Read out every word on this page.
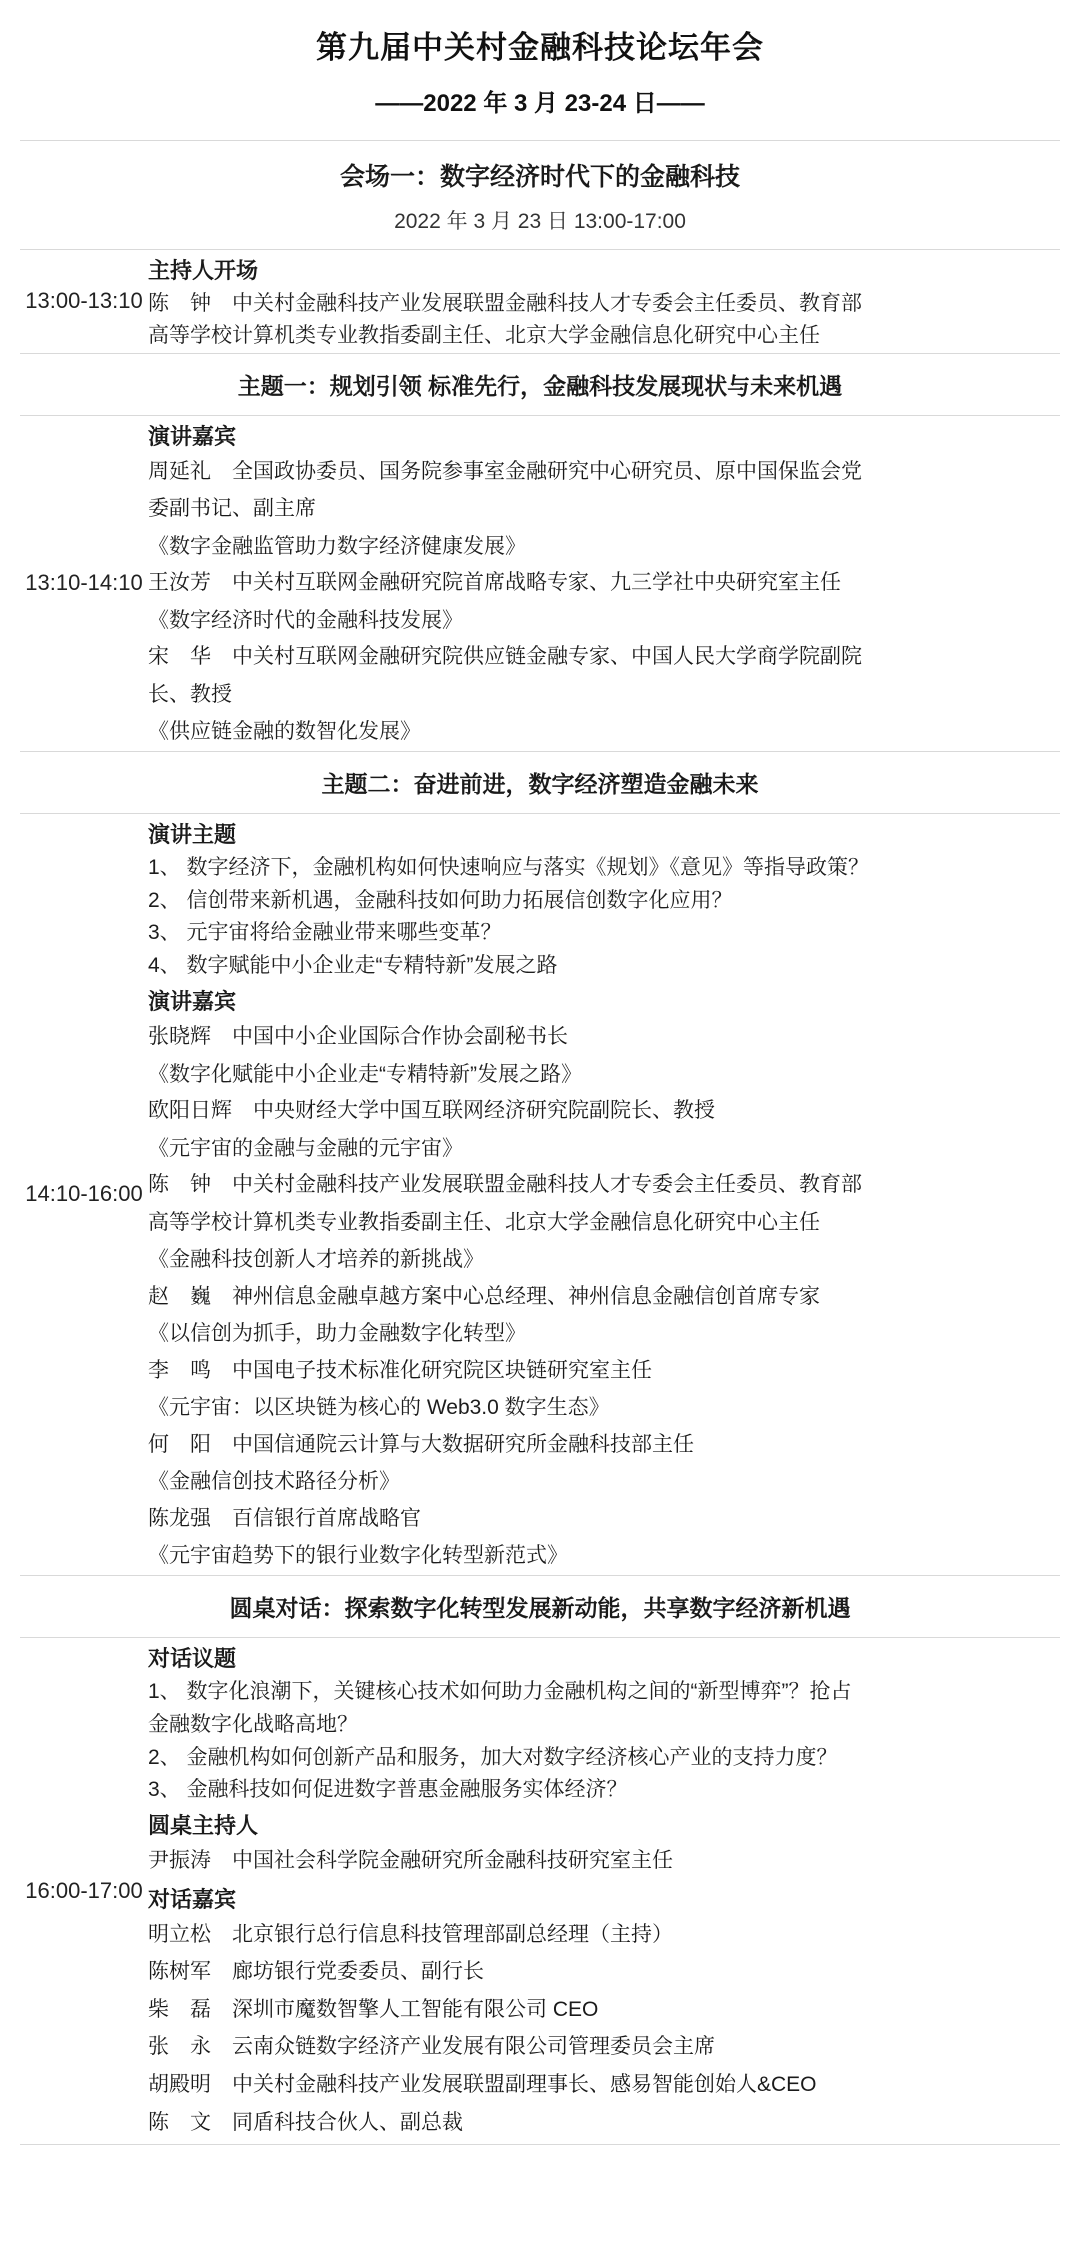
第九届中关村金融科技论坛年会
——2022 年 3 月 23-24 日——	

会场一：数字经济时代下的金融科技
2022 年 3 月 23 日 13:00-17:00	

13:00-13:10	主持人开场
陈　钟　中关村金融科技产业发展联盟金融科技人才专委会主任委员、教育部
高等学校计算机类专业教指委副主任、北京大学金融信息化研究中心主任

主题一：规划引领 标准先行，金融科技发展现状与未来机遇	

13:10-14:10	
演讲嘉宾
周延礼　全国政协委员、国务院参事室金融研究中心研究员、原中国保监会党
委副书记、副主席
《数字金融监管助力数字经济健康发展》
王汝芳　中关村互联网金融研究院首席战略专家、九三学社中央研究室主任
《数字经济时代的金融科技发展》
宋　华　中关村互联网金融研究院供应链金融专家、中国人民大学商学院副院
长、教授
《供应链金融的数智化发展》

主题二：奋进前进，数字经济塑造金融未来	

14:10-16:00	
演讲主题
1、 数字经济下，金融机构如何快速响应与落实《规划》《意见》等指导政策？
2、 信创带来新机遇，金融科技如何助力拓展信创数字化应用？
3、 元宇宙将给金融业带来哪些变革？
4、 数字赋能中小企业走“专精特新”发展之路
演讲嘉宾
张晓辉　中国中小企业国际合作协会副秘书长
《数字化赋能中小企业走“专精特新”发展之路》
欧阳日辉　中央财经大学中国互联网经济研究院副院长、教授
《元宇宙的金融与金融的元宇宙》
陈　钟　中关村金融科技产业发展联盟金融科技人才专委会主任委员、教育部
高等学校计算机类专业教指委副主任、北京大学金融信息化研究中心主任
《金融科技创新人才培养的新挑战》
赵　巍　神州信息金融卓越方案中心总经理、神州信息金融信创首席专家
《以信创为抓手，助力金融数字化转型》
李　鸣　中国电子技术标准化研究院区块链研究室主任
《元宇宙：以区块链为核心的 Web3.0 数字生态》
何　阳　中国信通院云计算与大数据研究所金融科技部主任
《金融信创技术路径分析》
陈龙强　百信银行首席战略官
《元宇宙趋势下的银行业数字化转型新范式》

圆桌对话：探索数字化转型发展新动能，共享数字经济新机遇	

16:00-17:00	
对话议题
1、 数字化浪潮下，关键核心技术如何助力金融机构之间的“新型博弈”？抢占
金融数字化战略高地？
2、 金融机构如何创新产品和服务，加大对数字经济核心产业的支持力度？
3、 金融科技如何促进数字普惠金融服务实体经济？
圆桌主持人
尹振涛　中国社会科学院金融研究所金融科技研究室主任
对话嘉宾
明立松　北京银行总行信息科技管理部副总经理（主持）
陈树军　廊坊银行党委委员、副行长
柴　磊　深圳市魔数智擎人工智能有限公司 CEO
张　永　云南众链数字经济产业发展有限公司管理委员会主席
胡殿明　中关村金融科技产业发展联盟副理事长、感易智能创始人&CEO
陈　文　同盾科技合伙人、副总裁
